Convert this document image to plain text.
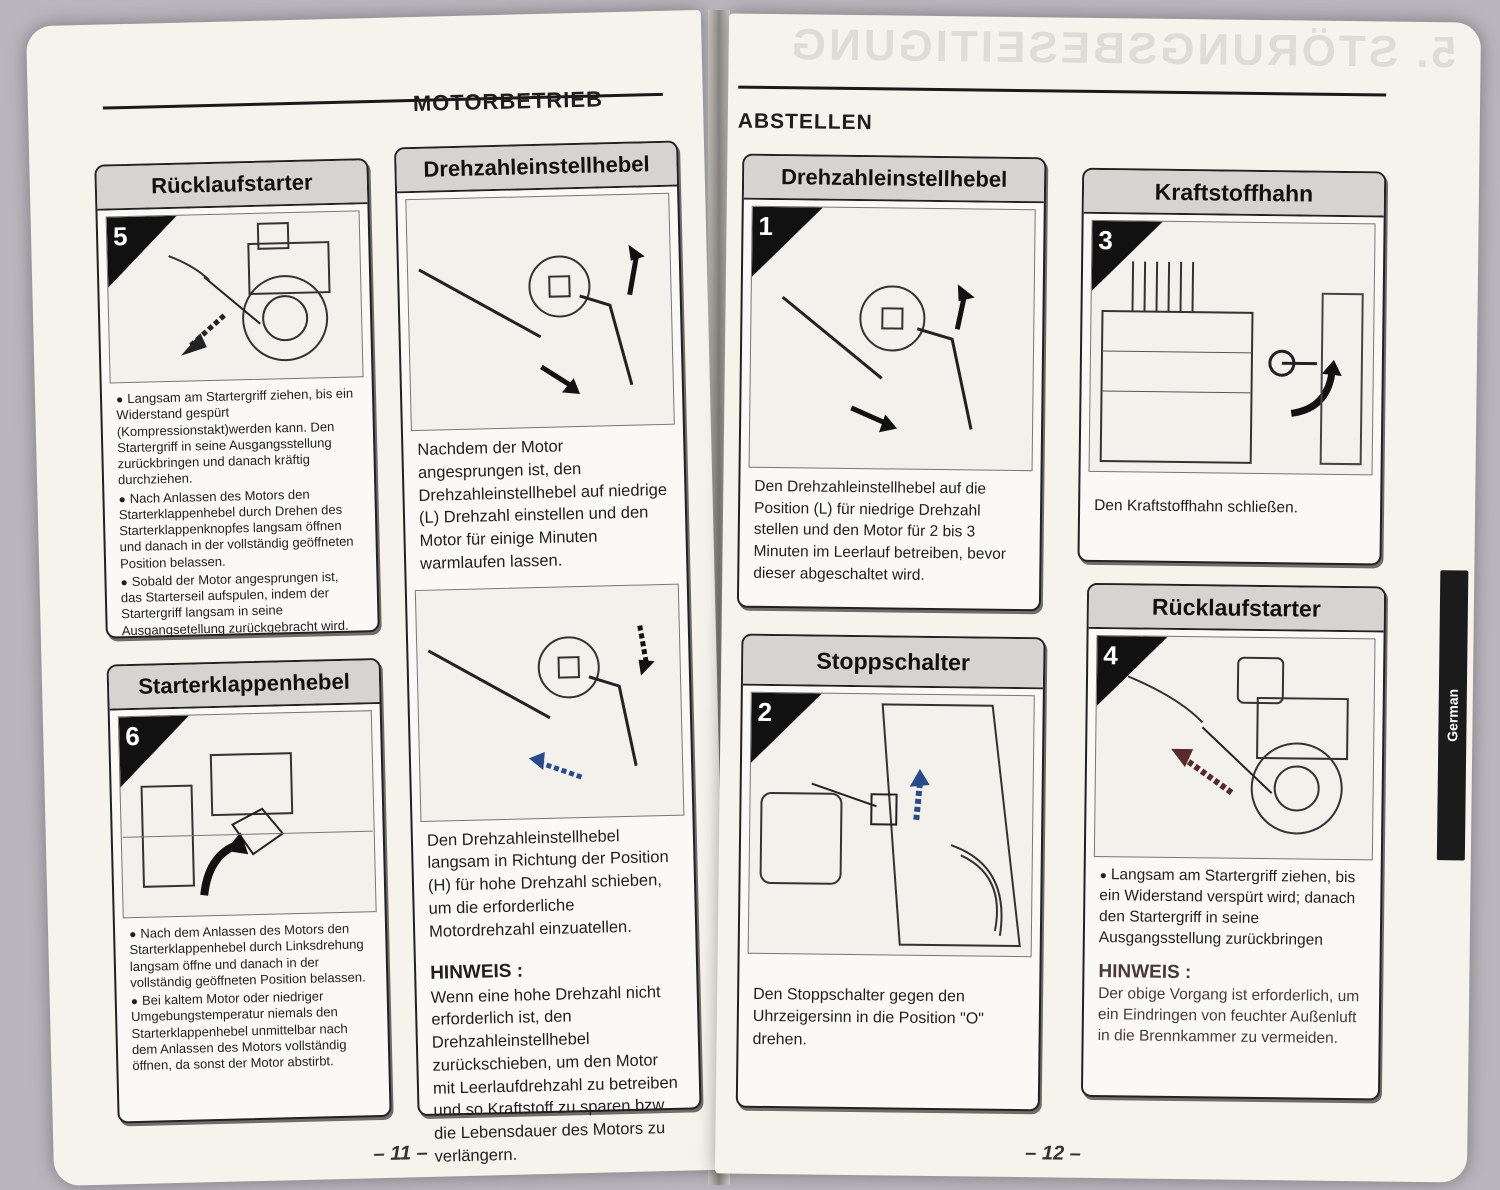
MOTORBETRIEB
Rücklaufstarter
5

● Langsam am Startergriff ziehen, bis ein Widerstand gespürt (Kompressionstakt)werden kann. Den Startergriff in seine Ausgangsstellung zurückbringen und danach kräftig durchziehen.

● Nach Anlassen des Motors den Starterklappenhebel durch Drehen des Starterklappenknopfes langsam öffnen und danach in der vollständig geöffneten Position belassen.

● Sobald der Motor angesprungen ist, das Starterseil aufspulen, indem der Startergriff langsam in seine Ausgangsetellung zurückgebracht wird.

Starterklappenhebel
6

● Nach dem Anlassen des Motors den Starterklappenhebel durch Linksdrehung langsam öffne und danach in der vollständig geöffneten Position belassen.

● Bei kaltem Motor oder niedriger Umgebungstemperatur niemals den Starterklappenhebel unmittelbar nach dem Anlassen des Motors vollständig öffnen, da sonst der Motor abstirbt.

Drehzahleinstellhebel
Nachdem der Motor angesprungen ist, den Drehzahleinstellhebel auf niedrige (L) Drehzahl einstellen und den Motor für einige Minuten warmlaufen lassen.
Den Drehzahleinstellhebel langsam in Richtung der Position (H) für hohe Drehzahl schieben, um die erforderliche Motordrehzahl einzuatellen.
HINWEIS :
Wenn eine hohe Drehzahl nicht erforderlich ist, den Drehzahleinstellhebel zurückschieben, um den Motor mit Leerlaufdrehzahl zu betreiben und so Kraftstoff zu sparen bzw. die Lebensdauer des Motors zu verlängern.
– 11 –
5. STÖRUNGSBESEITIGUNG
ABSTELLEN
Drehzahleinstellhebel
1
Den Drehzahleinstellhebel auf die Position (L) für niedrige Drehzahl stellen und den Motor für 2 bis 3 Minuten im Leerlauf betreiben, bevor dieser abgeschaltet wird.
Stoppschalter
2
Den Stoppschalter gegen den Uhrzeigersinn in die Position "O" drehen.
Kraftstoffhahn
3
Den Kraftstoffhahn schließen.
Rücklaufstarter
4

● Langsam am Startergriff ziehen, bis ein Widerstand verspürt wird; danach den Startergriff in seine Ausgangsstellung zurückbringen

HINWEIS :
Der obige Vorgang ist erforderlich, um ein Eindringen von feuchter Außenluft in die Brennkammer zu vermeiden.
German
– 12 –
